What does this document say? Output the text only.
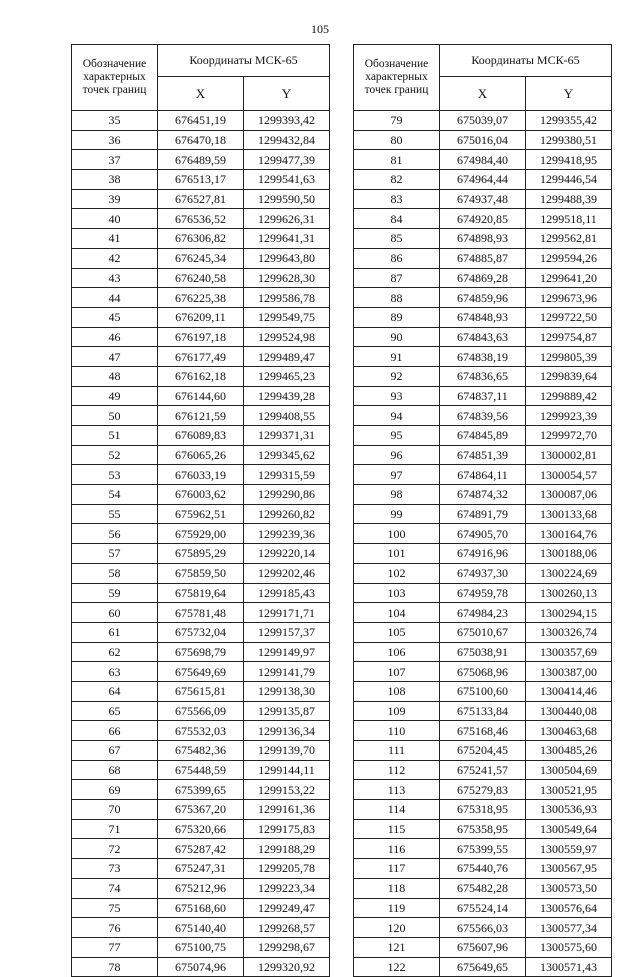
105
Обозначение характерных точек границ	Координаты МСК-65	
	X	Y
35	676451,19	1299393,42
36	676470,18	1299432,84
37	676489,59	1299477,39
38	676513,17	1299541,63
39	676527,81	1299590,50
40	676536,52	1299626,31
41	676306,82	1299641,31
42	676245,34	1299643,80
43	676240,58	1299628,30
44	676225,38	1299586,78
45	676209,11	1299549,75
46	676197,18	1299524,98
47	676177,49	1299489,47
48	676162,18	1299465,23
49	676144,60	1299439,28
50	676121,59	1299408,55
51	676089,83	1299371,31
52	676065,26	1299345,62
53	676033,19	1299315,59
54	676003,62	1299290,86
55	675962,51	1299260,82
56	675929,00	1299239,36
57	675895,29	1299220,14
58	675859,50	1299202,46
59	675819,64	1299185,43
60	675781,48	1299171,71
61	675732,04	1299157,37
62	675698,79	1299149,97
63	675649,69	1299141,79
64	675615,81	1299138,30
65	675566,09	1299135,87
66	675532,03	1299136,34
67	675482,36	1299139,70
68	675448,59	1299144,11
69	675399,65	1299153,22
70	675367,20	1299161,36
71	675320,66	1299175,83
72	675287,42	1299188,29
73	675247,31	1299205,78
74	675212,96	1299223,34
75	675168,60	1299249,47
76	675140,40	1299268,57
77	675100,75	1299298,67
78	675074,96	1299320,92
Обозначение характерных точек границ	Координаты МСК-65	
	X	Y
79	675039,07	1299355,42
80	675016,04	1299380,51
81	674984,40	1299418,95
82	674964,44	1299446,54
83	674937,48	1299488,39
84	674920,85	1299518,11
85	674898,93	1299562,81
86	674885,87	1299594,26
87	674869,28	1299641,20
88	674859,96	1299673,96
89	674848,93	1299722,50
90	674843,63	1299754,87
91	674838,19	1299805,39
92	674836,65	1299839,64
93	674837,11	1299889,42
94	674839,56	1299923,39
95	674845,89	1299972,70
96	674851,39	1300002,81
97	674864,11	1300054,57
98	674874,32	1300087,06
99	674891,79	1300133,68
100	674905,70	1300164,76
101	674916,96	1300188,06
102	674937,30	1300224,69
103	674959,78	1300260,13
104	674984,23	1300294,15
105	675010,67	1300326,74
106	675038,91	1300357,69
107	675068,96	1300387,00
108	675100,60	1300414,46
109	675133,84	1300440,08
110	675168,46	1300463,68
111	675204,45	1300485,26
112	675241,57	1300504,69
113	675279,83	1300521,95
114	675318,95	1300536,93
115	675358,95	1300549,64
116	675399,55	1300559,97
117	675440,76	1300567,95
118	675482,28	1300573,50
119	675524,14	1300576,64
120	675566,03	1300577,34
121	675607,96	1300575,60
122	675649,65	1300571,43
